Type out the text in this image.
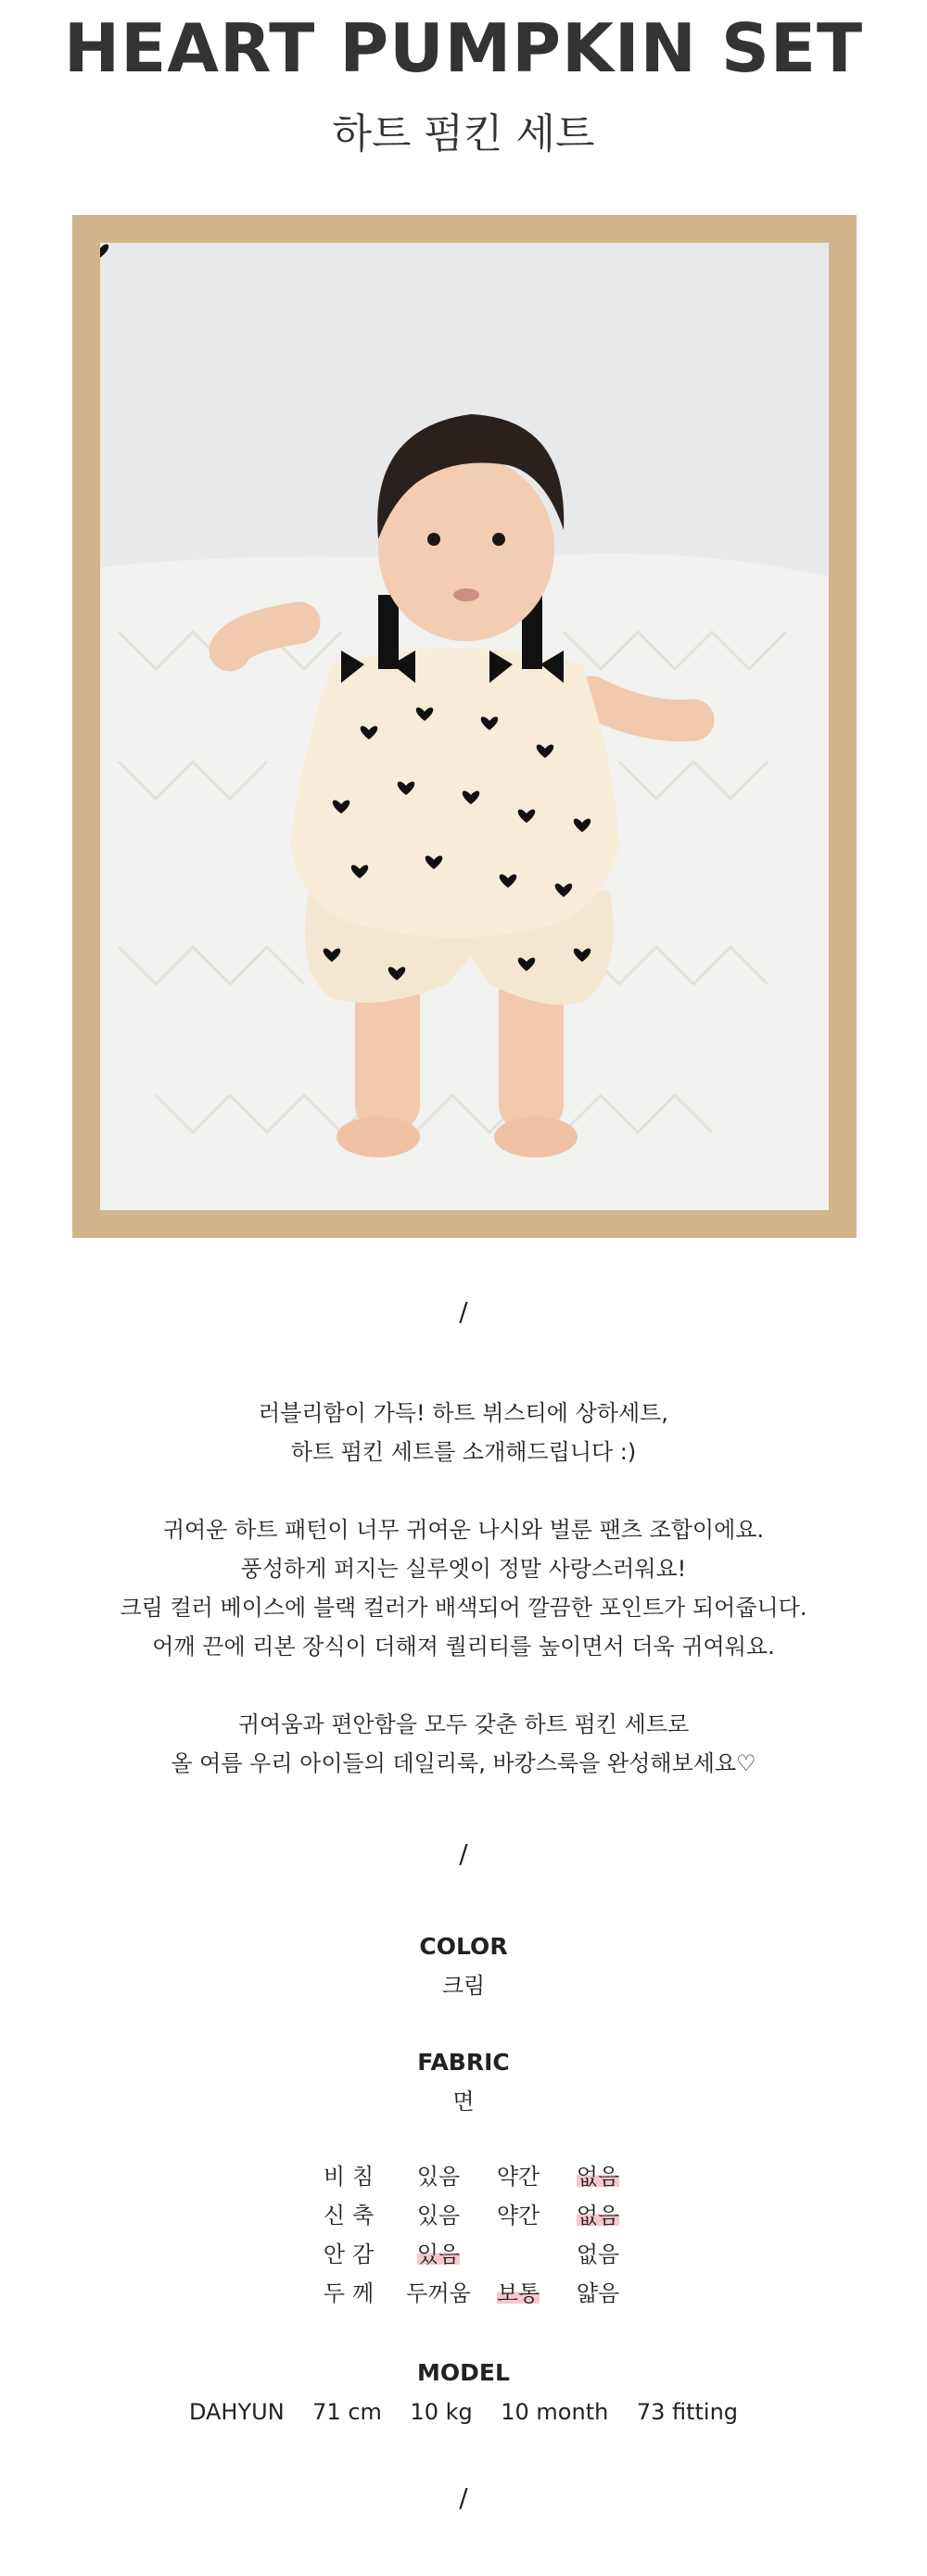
HEART PUMPKIN SET
하트 펌킨 세트
/
러블리함이 가득! 하트 뷔스티에 상하세트,
하트 펌킨 세트를 소개해드립니다 :)
귀여운 하트 패턴이 너무 귀여운 나시와 벌룬 팬츠 조합이에요.
풍성하게 퍼지는 실루엣이 정말 사랑스러워요!
크림 컬러 베이스에 블랙 컬러가 배색되어 깔끔한 포인트가 되어줍니다.
어깨 끈에 리본 장식이 더해져 퀄리티를 높이면서 더욱 귀여워요.
귀여움과 편안함을 모두 갖춘 하트 펌킨 세트로
올 여름 우리 아이들의 데일리룩, 바캉스룩을 완성해보세요♡
/
COLOR
크림
FABRIC
면
비침	있음	약간	없음
신축	있음	약간	없음
안감	있음		없음
두께	두꺼움	보통	얇음
MODEL
DAHYUN    71 cm    10 kg    10 month    73 fitting
/
